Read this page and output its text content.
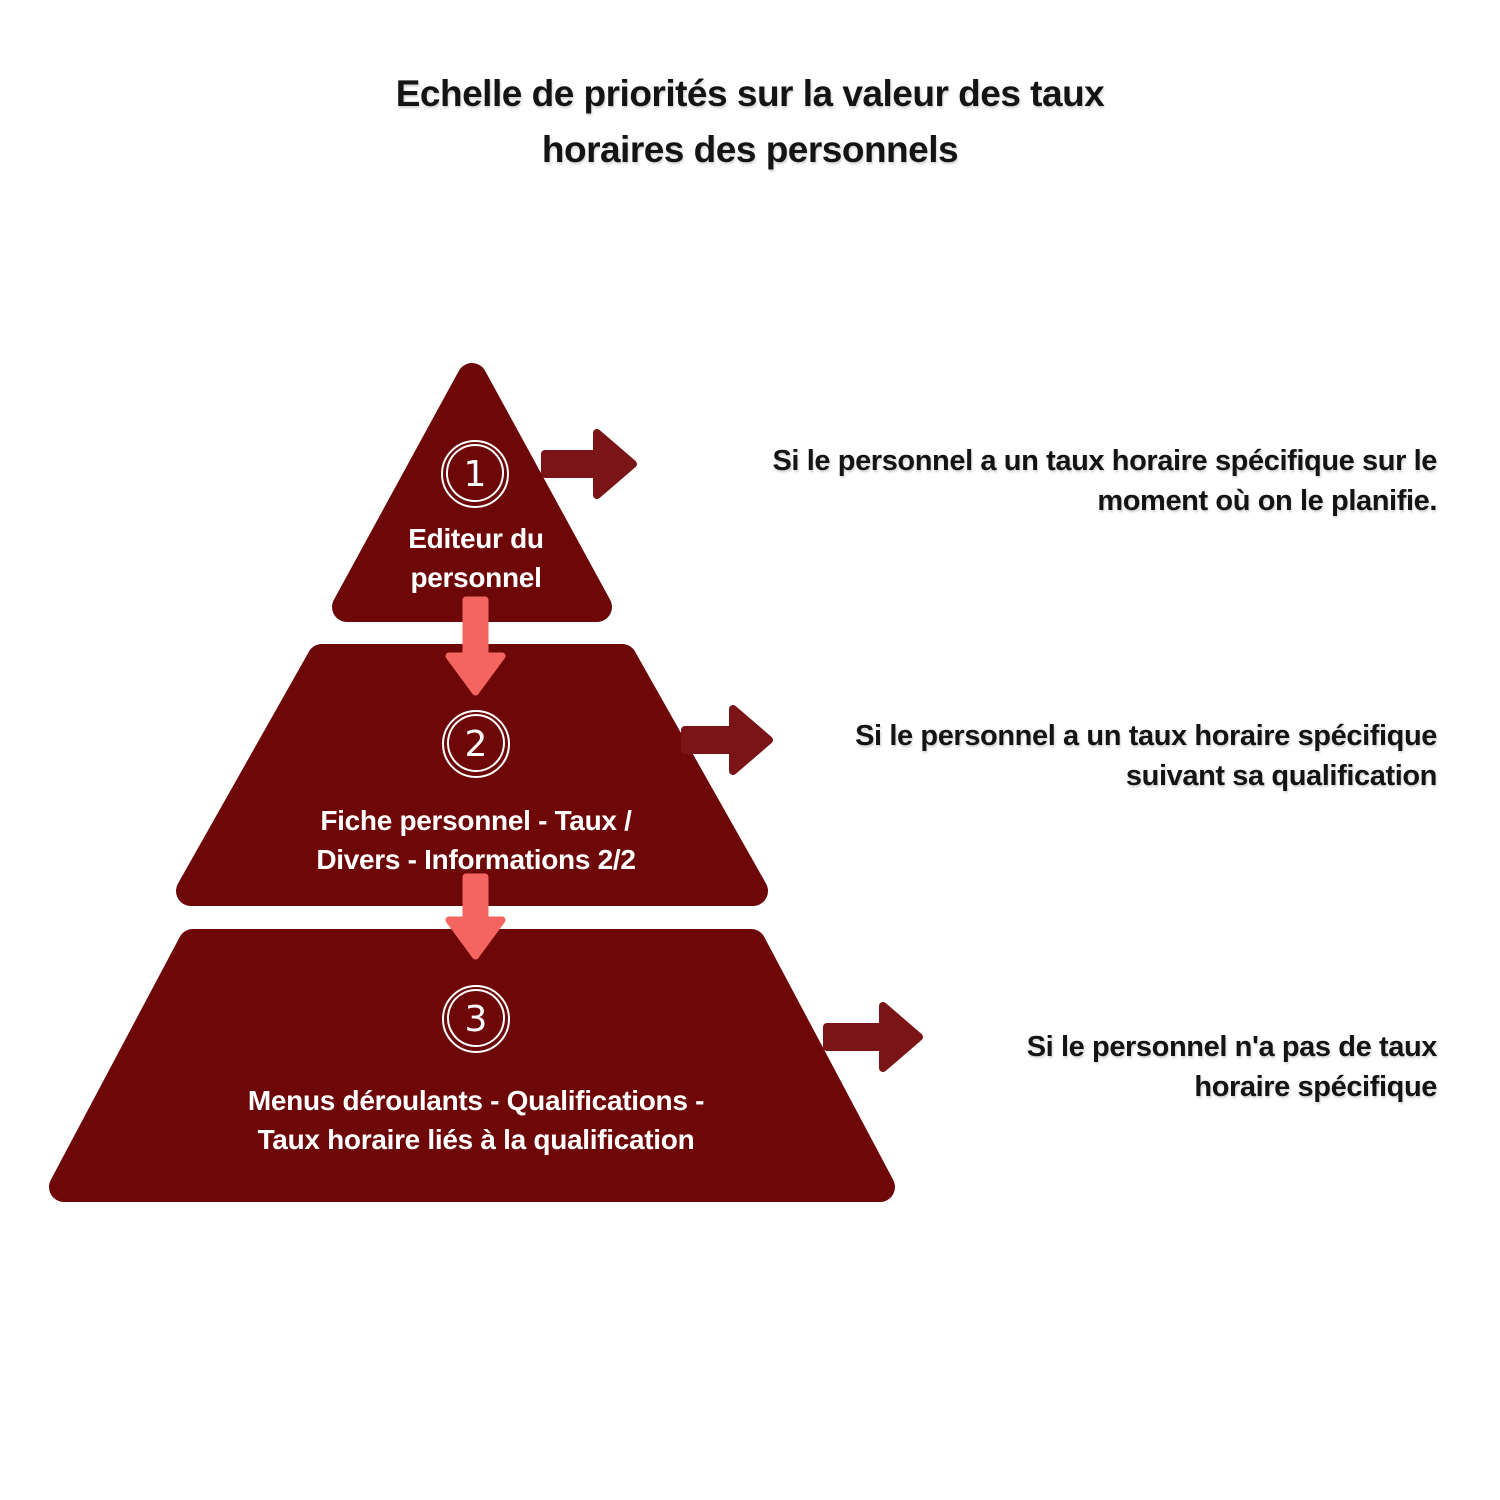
Echelle de priorités sur la valeur des taux
horaires des personnels
1
2
3
Editeur du
personnel
Fiche personnel - Taux /
Divers - Informations 2/2
Menus déroulants - Qualifications -
Taux horaire liés à la qualification
Si le personnel a un taux horaire spécifique sur le
moment où on le planifie.
Si le personnel a un taux horaire spécifique
suivant sa qualification
Si le personnel n'a pas de taux
horaire spécifique
